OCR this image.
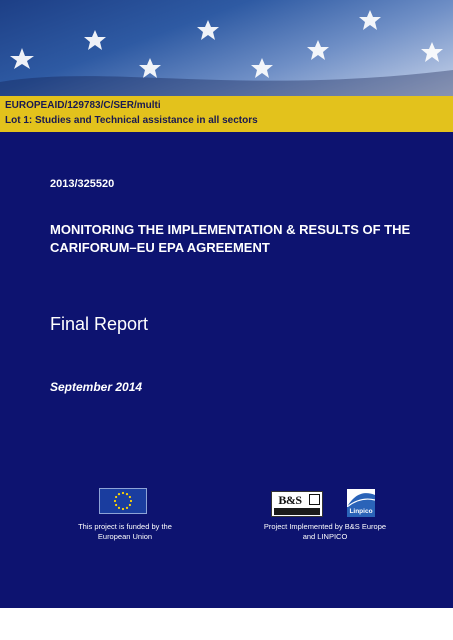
EUROPEAID/129783/C/SER/multi
Lot 1: Studies and Technical assistance in all sectors
2013/325520
MONITORING THE IMPLEMENTATION & RESULTS OF THE CARIFORUM–EU EPA AGREEMENT
Final Report
September 2014
This project is funded by the
European Union
B&S
Linpico
Project Implemented by B&S Europe
and LINPICO
